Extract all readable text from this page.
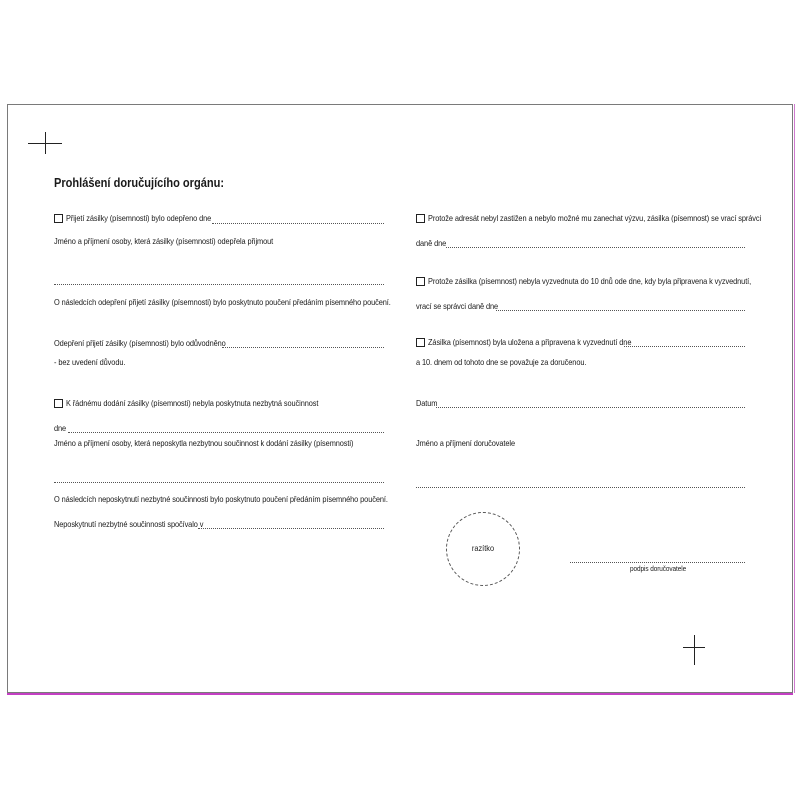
Prohlášení doručujícího orgánu:
Přijetí zásilky (písemnosti) bylo odepřeno dne
Jméno a příjmení osoby, která zásilky (písemnosti) odepřela přijmout
O následcích odepření přijetí zásilky (písemnosti) bylo poskytnuto poučení předáním písemného poučení.
Odepření přijetí zásilky (písemnosti) bylo odůvodněno
- bez uvedení důvodu.
K řádnému dodání zásilky (písemnosti) nebyla poskytnuta nezbytná součinnost
dne
Jméno a příjmení osoby, která neposkytla nezbytnou součinnost k dodání zásilky (písemnosti)
O následcích neposkytnutí nezbytné součinnosti bylo poskytnuto poučení předáním písemného poučení.
Neposkytnutí nezbytné součinnosti spočívalo v
Protože adresát nebyl zastižen a nebylo možné mu zanechat výzvu, zásilka (písemnost) se vrací správci
daně dne
Protože zásilka (písemnost) nebyla vyzvednuta do 10 dnů ode dne, kdy byla připravena k vyzvednutí,
vrací se správci daně dne
Zásilka (písemnost) byla uložena a připravena k vyzvednutí dne
a 10. dnem od tohoto dne se považuje za doručenou.
Datum
Jméno a příjmení doručovatele
razítko
podpis doručovatele
